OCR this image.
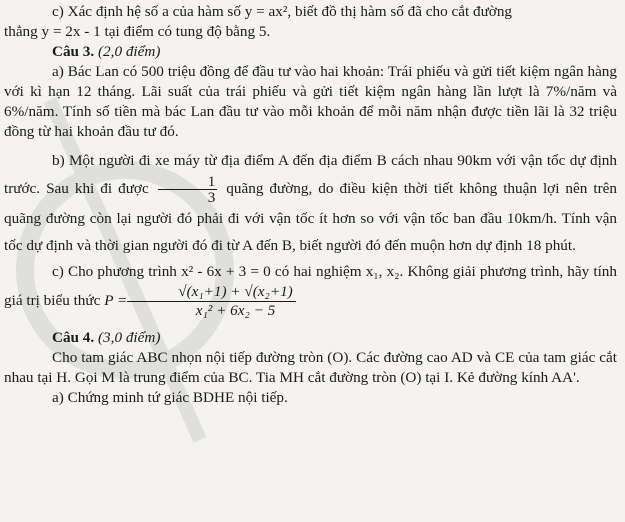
c) Xác định hệ số a của hàm số y = ax², biết đồ thị hàm số đã cho cắt đường

thẳng y = 2x - 1 tại điểm có tung độ bằng 5.

Câu 3. (2,0 điểm)

a) Bác Lan có 500 triệu đồng để đầu tư vào hai khoản: Trái phiếu và gửi tiết kiệm ngân hàng với kì hạn 12 tháng. Lãi suất của trái phiếu và gửi tiết kiệm ngân hàng lần lượt là 7%/năm và 6%/năm. Tính số tiền mà bác Lan đầu tư vào mỗi khoản để mỗi năm nhận được tiền lãi là 32 triệu đồng từ hai khoản đầu tư đó.

b) Một người đi xe máy từ địa điểm A đến địa điểm B cách nhau 90km với vận tốc dự định trước. Sau khi đi được $\frac{1}{3}$ quãng đường, do điều kiện thời tiết không thuận lợi nên trên quãng đường còn lại người đó phải đi với vận tốc ít hơn so với vận tốc ban đầu 10km/h. Tính vận tốc dự định và thời gian người đó đi từ A đến B, biết người đó đến muộn hơn dự định 18 phút.

c) Cho phương trình x² - 6x + 3 = 0 có hai nghiệm x₁, x₂. Không giải phương trình, hãy tính giá trị biểu thức $P = \frac{\text{√(x₁+1) + √(x₂+1)}}{\text{x₁² + 6x₂ − 5}}$

Câu 4. (3,0 điểm)

Cho tam giác ABC nhọn nội tiếp đường tròn (O). Các đường cao AD và CE của tam giác cắt nhau tại H. Gọi M là trung điểm của BC. Tia MH cắt đường tròn (O) tại I. Kẻ đường kính AA'.

a) Chứng minh tứ giác BDHE nội tiếp.
